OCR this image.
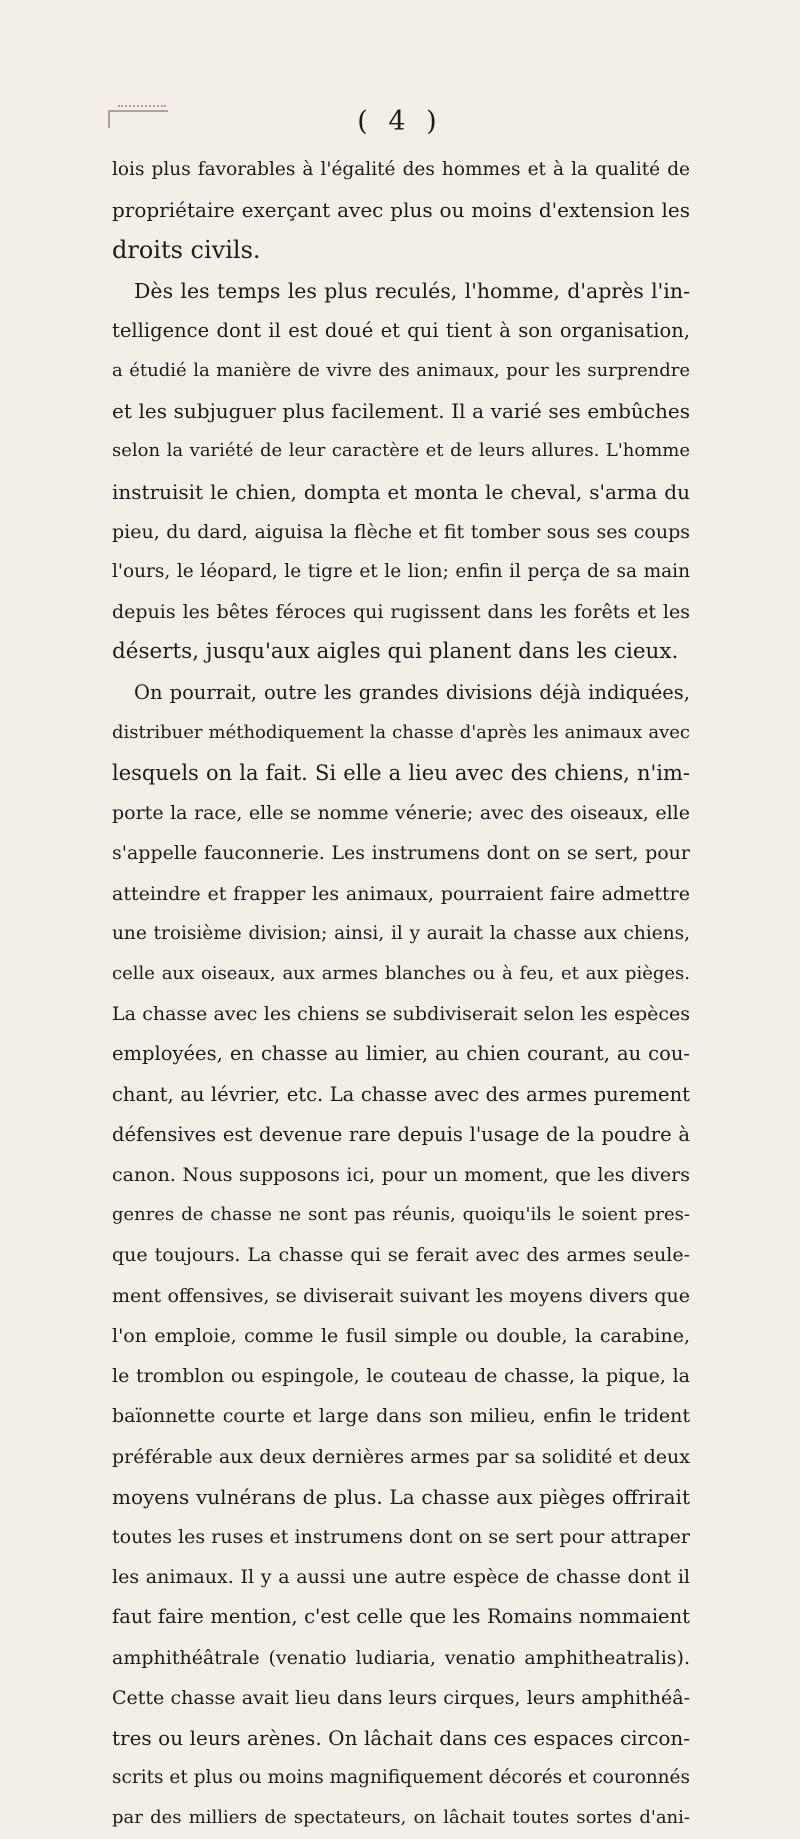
( 4 )
lois plus favorables à l'égalité des hommes et à la qualité de
propriétaire exerçant avec plus ou moins d'extension les
droits civils.
Dès les temps les plus reculés, l'homme, d'après l'in-
telligence dont il est doué et qui tient à son organisation,
a étudié la manière de vivre des animaux, pour les surprendre
et les subjuguer plus facilement. Il a varié ses embûches
selon la variété de leur caractère et de leurs allures. L'homme
instruisit le chien, dompta et monta le cheval, s'arma du
pieu, du dard, aiguisa la flèche et fit tomber sous ses coups
l'ours, le léopard, le tigre et le lion; enfin il perça de sa main
depuis les bêtes féroces qui rugissent dans les forêts et les
déserts, jusqu'aux aigles qui planent dans les cieux.
On pourrait, outre les grandes divisions déjà indiquées,
distribuer méthodiquement la chasse d'après les animaux avec
lesquels on la fait. Si elle a lieu avec des chiens, n'im-
porte la race, elle se nomme vénerie; avec des oiseaux, elle
s'appelle fauconnerie. Les instrumens dont on se sert, pour
atteindre et frapper les animaux, pourraient faire admettre
une troisième division; ainsi, il y aurait la chasse aux chiens,
celle aux oiseaux, aux armes blanches ou à feu, et aux pièges.
La chasse avec les chiens se subdiviserait selon les espèces
employées, en chasse au limier, au chien courant, au cou-
chant, au lévrier, etc. La chasse avec des armes purement
défensives est devenue rare depuis l'usage de la poudre à
canon. Nous supposons ici, pour un moment, que les divers
genres de chasse ne sont pas réunis, quoiqu'ils le soient pres-
que toujours. La chasse qui se ferait avec des armes seule-
ment offensives, se diviserait suivant les moyens divers que
l'on emploie, comme le fusil simple ou double, la carabine,
le tromblon ou espingole, le couteau de chasse, la pique, la
baïonnette courte et large dans son milieu, enfin le trident
préférable aux deux dernières armes par sa solidité et deux
moyens vulnérans de plus. La chasse aux pièges offrirait
toutes les ruses et instrumens dont on se sert pour attraper
les animaux. Il y a aussi une autre espèce de chasse dont il
faut faire mention, c'est celle que les Romains nommaient
amphithéâtrale (venatio ludiaria, venatio amphitheatralis).
Cette chasse avait lieu dans leurs cirques, leurs amphithéâ-
tres ou leurs arènes. On lâchait dans ces espaces circon-
scrits et plus ou moins magnifiquement décorés et couronnés
par des milliers de spectateurs, on lâchait toutes sortes d'ani-
